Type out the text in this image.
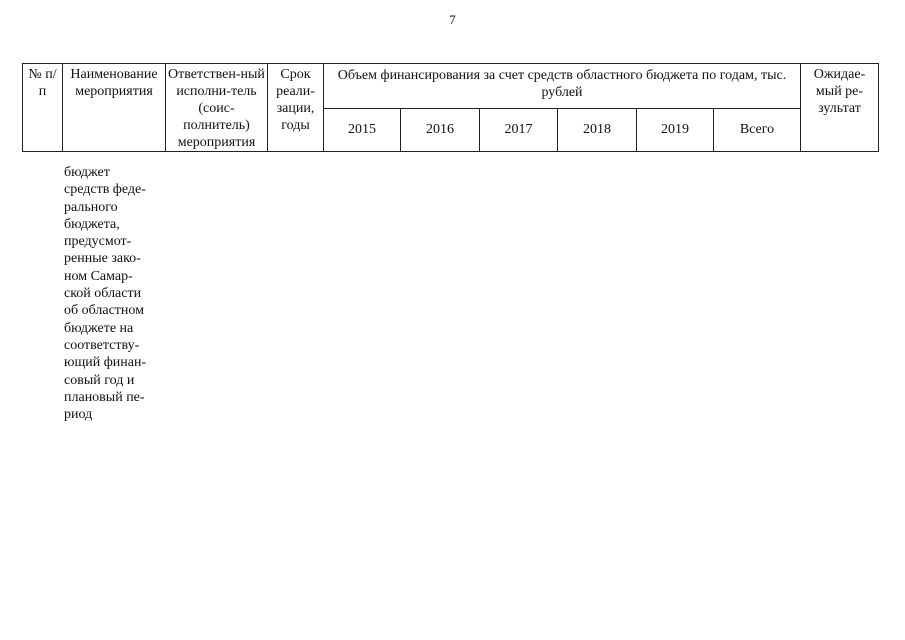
7
№ п/п	Наименование мероприятия	Ответствен-ный исполни-тель (соис-полнитель) мероприятия	Срок реали-зации, годы	Объем финансирования за счет средств областного бюджета по годам, тыс. рублей						Ожидае-мый ре-зультат
				2015	2016	2017	2018	2019	Всего	
бюджет
средств феде-
рального
бюджета,
предусмот-
ренные зако-
ном Самар-
ской области
об областном
бюджете на
соответству-
ющий финан-
совый год и
плановый пе-
риод
